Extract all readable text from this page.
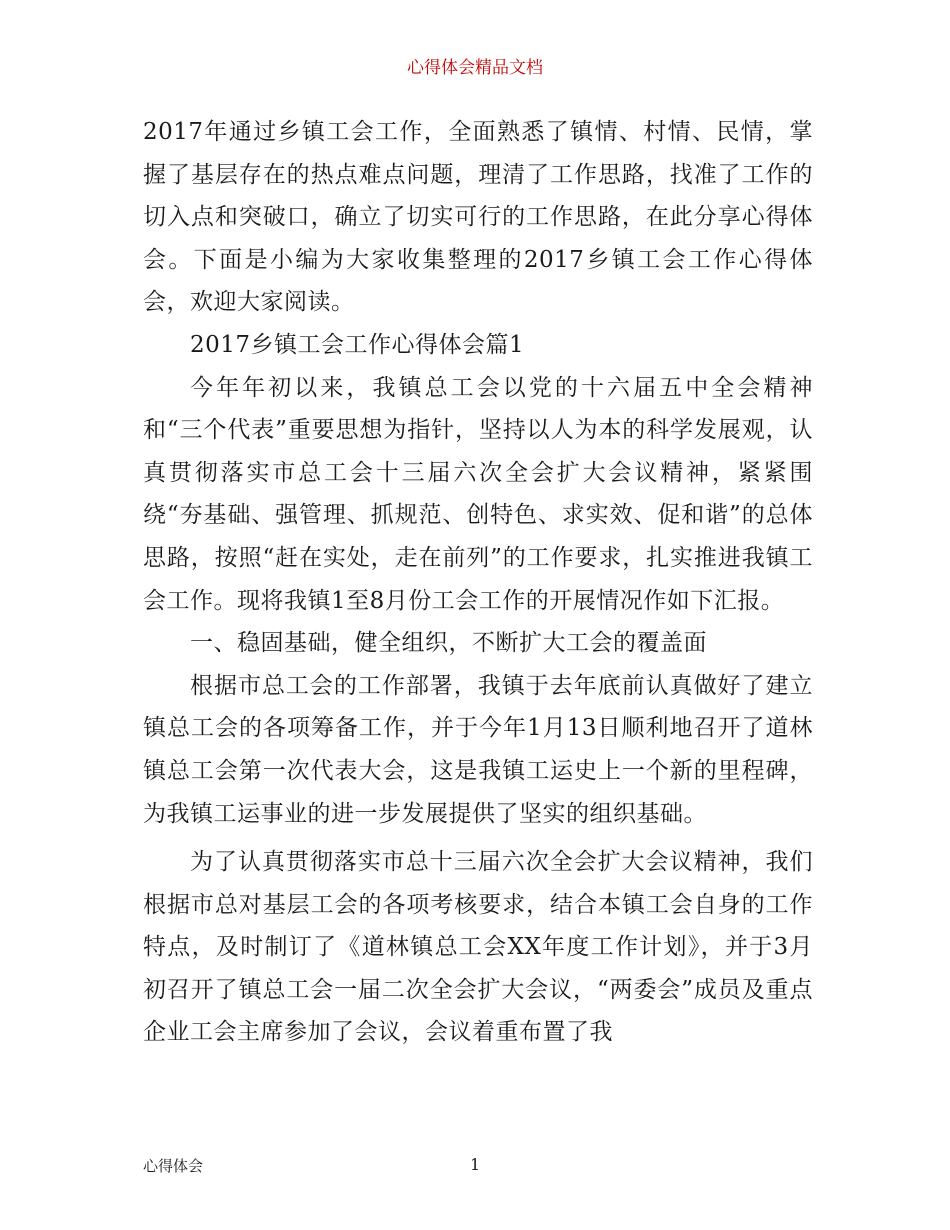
心得体会精品文档

2017年通过乡镇工会工作，全面熟悉了镇情、村情、民情，掌握了基层存在的热点难点问题，理清了工作思路，找准了工作的切入点和突破口，确立了切实可行的工作思路，在此分享心得体会。下面是小编为大家收集整理的2017乡镇工会工作心得体会，欢迎大家阅读。

2017乡镇工会工作心得体会篇1

今年年初以来，我镇总工会以党的十六届五中全会精神和“三个代表”重要思想为指针，坚持以人为本的科学发展观，认真贯彻落实市总工会十三届六次全会扩大会议精神，紧紧围绕“夯基础、强管理、抓规范、创特色、求实效、促和谐”的总体思路，按照“赶在实处，走在前列”的工作要求，扎实推进我镇工会工作。现将我镇1至8月份工会工作的开展情况作如下汇报。

一、稳固基础，健全组织，不断扩大工会的覆盖面

根据市总工会的工作部署，我镇于去年底前认真做好了建立镇总工会的各项筹备工作，并于今年1月13日顺利地召开了道林镇总工会第一次代表大会，这是我镇工运史上一个新的里程碑，为我镇工运事业的进一步发展提供了坚实的组织基础。

为了认真贯彻落实市总十三届六次全会扩大会议精神，我们根据市总对基层工会的各项考核要求，结合本镇工会自身的工作特点，及时制订了《道林镇总工会XX年度工作计划》，并于3月初召开了镇总工会一届二次全会扩大会议，“两委会”成员及重点企业工会主席参加了会议，会议着重布置了我

心得体会	1
